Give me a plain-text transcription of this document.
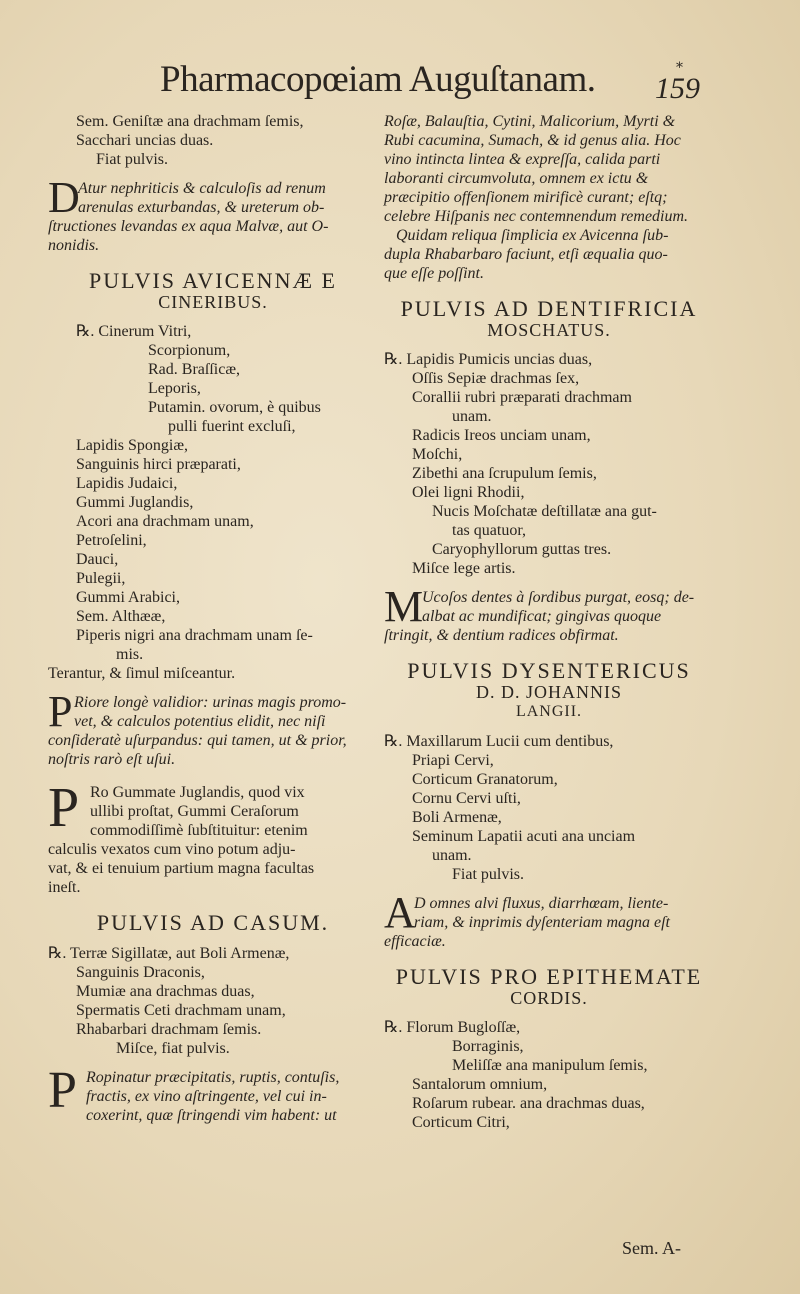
Pharmacopœiam Auguſtanam.	*
159
Sem. Geniſtæ ana drachmam ſemis,
Sacchari uncias duas.
Fiat pulvis.
D
Atur nephriticis & calculoſis ad renum
arenulas exturbandas, & ureterum ob-
ſtructiones levandas ex aqua Malvæ, aut O-
nonidis.
PULVIS AVICENNÆ E
CINERIBUS.
℞. Cinerum Vitri,
Scorpionum,
Rad. Braſſicæ,
Leporis,
Putamin. ovorum, è quibus
pulli fuerint excluſi,
Lapidis Spongiæ,
Sanguinis hirci præparati,
Lapidis Judaici,
Gummi Juglandis,
Acori ana drachmam unam,
Petroſelini,
Dauci,
Pulegii,
Gummi Arabici,
Sem. Althææ,
Piperis nigri ana drachmam unam ſe-
mis.
Terantur, & ſimul miſceantur.
P Riore longè validior: urinas magis promo-
vet, & calculos potentius elidit, nec niſi
conſideratè uſurpandus: qui tamen, ut & prior,
noſtris rarò eſt uſui.
P Ro Gummate Juglandis, quod vix
ullibi proſtat, Gummi Ceraſorum
commodiſſimè ſubſtituitur: etenim
calculis vexatos cum vino potum adju-
vat, & ei tenuium partium magna facultas
ineſt.
PULVIS AD CASUM.
℞. Terræ Sigillatæ, aut Boli Armenæ,
Sanguinis Draconis,
Mumiæ ana drachmas duas,
Spermatis Ceti drachmam unam,
Rhabarbari drachmam ſemis.
Miſce, fiat pulvis.
P Ropinatur præcipitatis, ruptis, contuſis,
fractis, ex vino aſtringente, vel cui in-
coxerint, quæ ſtringendi vim habent: ut
Roſæ, Balauſtia, Cytini, Malicorium, Myrti &
Rubi cacumina, Sumach, & id genus alia. Hoc
vino intincta lintea & expreſſa, calida parti
laboranti circumvoluta, omnem ex ictu &
præcipitio offenſionem mirificè curant; eſtq;
celebre Hiſpanis nec contemnendum remedium.
Quidam reliqua ſimplicia ex Avicenna ſub-
dupla Rhabarbaro faciunt, etſi æqualia quo-
que eſſe poſſint.
PULVIS AD DENTIFRICIA
MOSCHATUS.
℞. Lapidis Pumicis uncias duas,
Oſſis Sepiæ drachmas ſex,
Corallii rubri præparati drachmam
unam.
Radicis Ireos unciam unam,
Moſchi,
Zibethi ana ſcrupulum ſemis,
Olei ligni Rhodii,
Nucis Moſchatæ deſtillatæ ana gut-
tas quatuor,
Caryophyllorum guttas tres.
Miſce lege artis.
M
Ucoſos dentes à ſordibus purgat, eosq; de-
albat ac mundificat; gingivas quoque
ſtringit, & dentium radices obfirmat.
PULVIS DYSENTERICUS
D. D. JOHANNIS
LANGII.
℞. Maxillarum Lucii cum dentibus,
Priapi Cervi,
Corticum Granatorum,
Cornu Cervi uſti,
Boli Armenæ,
Seminum Lapatii acuti ana unciam
unam.
Fiat pulvis.
A
D omnes alvi fluxus, diarrhœam, liente-
riam, & inprimis dyſenteriam magna eſt
efficaciæ.
PULVIS PRO EPITHEMATE
CORDIS.
℞. Florum Bugloſſæ,
Borraginis,
Meliſſæ ana manipulum ſemis,
Santalorum omnium,
Roſarum rubear. ana drachmas duas,
Corticum Citri,
Sem. A-
